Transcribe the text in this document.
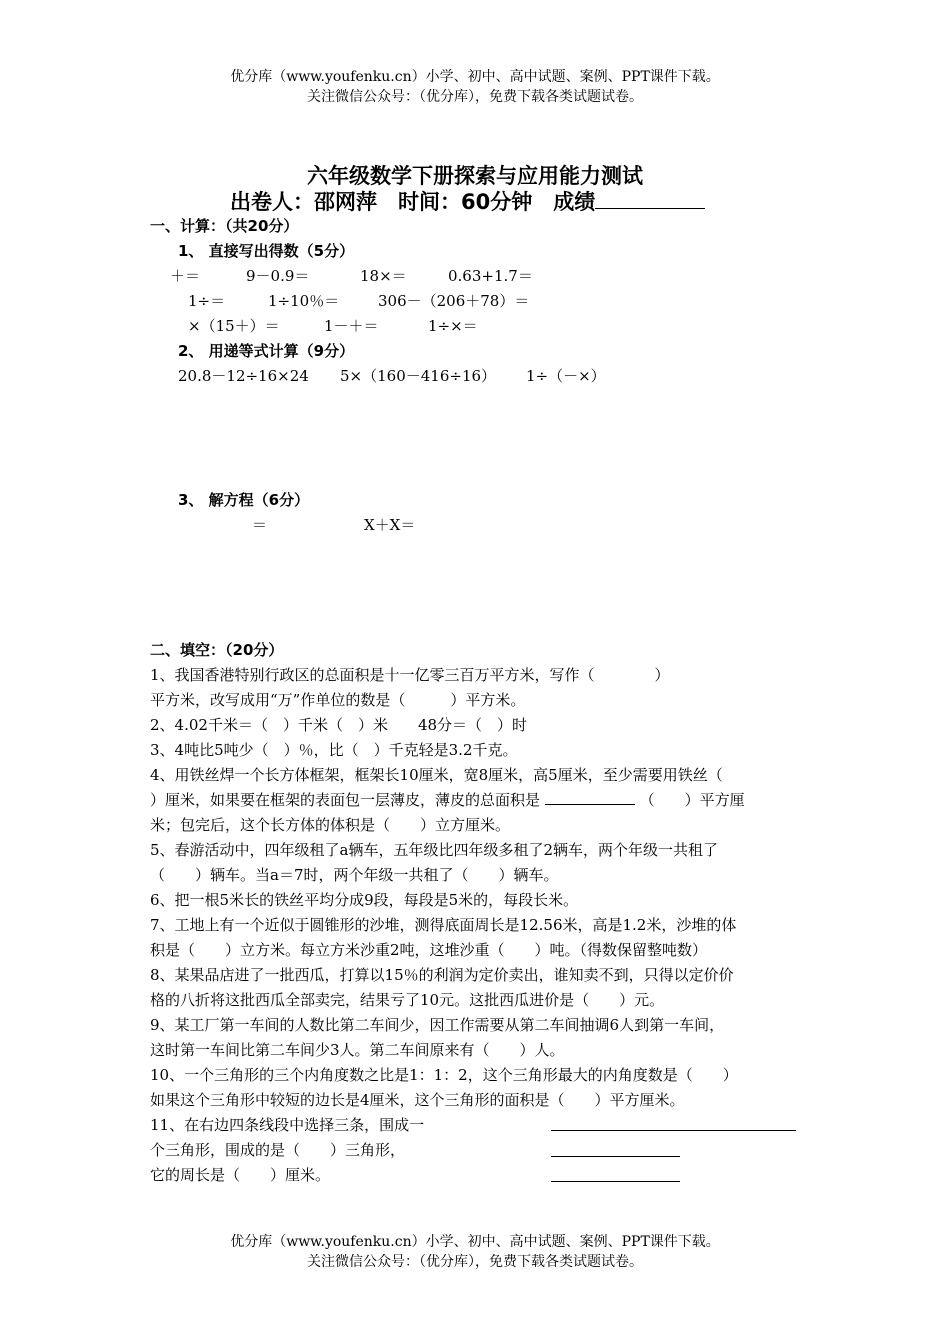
优分库（www.youfenku.cn）小学、初中、高中试题、案例、PPT课件下载。
关注微信公众号：（优分库），免费下载各类试题试卷。
六年级数学下册探索与应用能力测试
出卷人：邵网萍　时间：60分钟　成绩
一、计算：（共20分）
1、 直接写出得数（5分）
＋＝	9－0.9＝	18×＝	0.63+1.7＝
1÷＝	1÷10％＝	306－（206＋78）＝
×（15＋）＝	1－＋＝	1÷×＝
2、 用递等式计算（9分）
20.8－12÷16×24 5×（160－416÷16） 1÷（－×）
3、 解方程（6分）
＝	X＋X＝
二、填空：（20分）
1、我国香港特别行政区的总面积是十一亿零三百万平方米，写作（　　　　）
平方米，改写成用“万”作单位的数是（　　　）平方米。
2、4.02千米＝（　）千米（　）米　　48分＝（　）时
3、4吨比5吨少（　）％，比（　）千克轻是3.2千克。
4、用铁丝焊一个长方体框架，框架长10厘米，宽8厘米，高5厘米，至少需要用铁丝（
）厘米，如果要在框架的表面包一层薄皮，薄皮的总面积是	（　　）平方厘
米；包完后，这个长方体的体积是（　　）立方厘米。
5、春游活动中，四年级租了a辆车，五年级比四年级多租了2辆车，两个年级一共租了
（　　）辆车。当a＝7时，两个年级一共租了（　　）辆车。
6、把一根5米长的铁丝平均分成9段，每段是5米的，每段长米。
7、工地上有一个近似于圆锥形的沙堆，测得底面周长是12.56米，高是1.2米，沙堆的体
积是（　　）立方米。每立方米沙重2吨，这堆沙重（　　）吨。（得数保留整吨数）
8、某果品店进了一批西瓜，打算以15％的利润为定价卖出，谁知卖不到，只得以定价价
格的八折将这批西瓜全部卖完，结果亏了10元。这批西瓜进价是（　　）元。
9、某工厂第一车间的人数比第二车间少，因工作需要从第二车间抽调6人到第一车间，
这时第一车间比第二车间少3人。第二车间原来有（　　）人。
10、一个三角形的三个内角度数之比是1：1：2，这个三角形最大的内角度数是（　　）
如果这个三角形中较短的边长是4厘米，这个三角形的面积是（　　）平方厘米。
11、在右边四条线段中选择三条，围成一
个三角形，围成的是（　　）三角形，
它的周长是（　　）厘米。
优分库（www.youfenku.cn）小学、初中、高中试题、案例、PPT课件下载。
关注微信公众号：（优分库），免费下载各类试题试卷。
